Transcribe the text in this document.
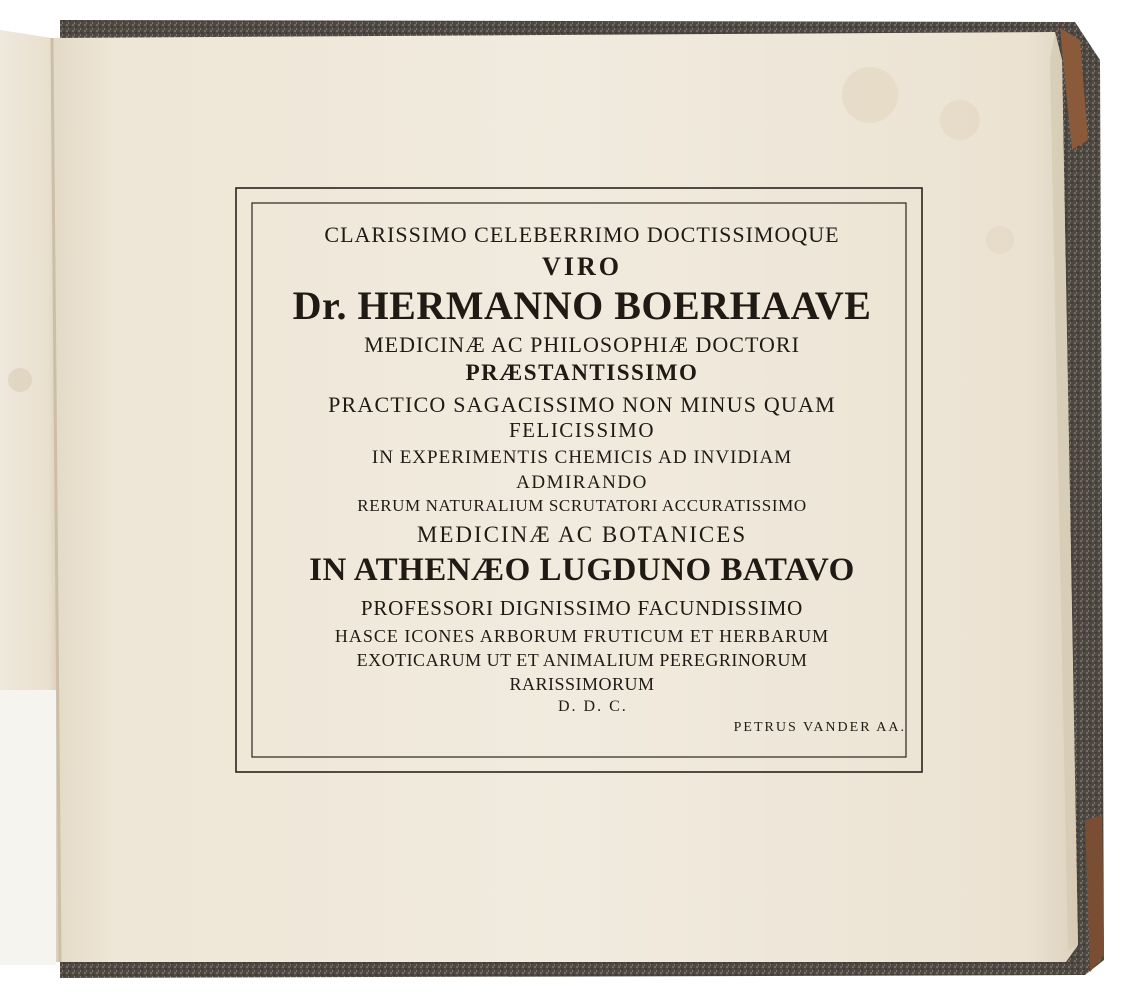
CLARISSIMO CELEBERRIMO DOCTISSIMOQUE
VIRO
Dr. HERMANNO BOERHAAVE
MEDICINÆ AC PHILOSOPHIÆ DOCTORI
PRÆSTANTISSIMO
PRACTICO SAGACISSIMO NON MINUS QUAM
FELICISSIMO
IN EXPERIMENTIS CHEMICIS AD INVIDIAM
ADMIRANDO
RERUM NATURALIUM SCRUTATORI ACCURATISSIMO
MEDICINÆ AC BOTANICES
IN ATHENÆO LUGDUNO BATAVO
PROFESSORI DIGNISSIMO FACUNDISSIMO
HASCE ICONES ARBORUM FRUTICUM ET HERBARUM
EXOTICARUM UT ET ANIMALIUM PEREGRINORUM
RARISSIMORUM
D. D. C.
PETRUS VANDER AA.
